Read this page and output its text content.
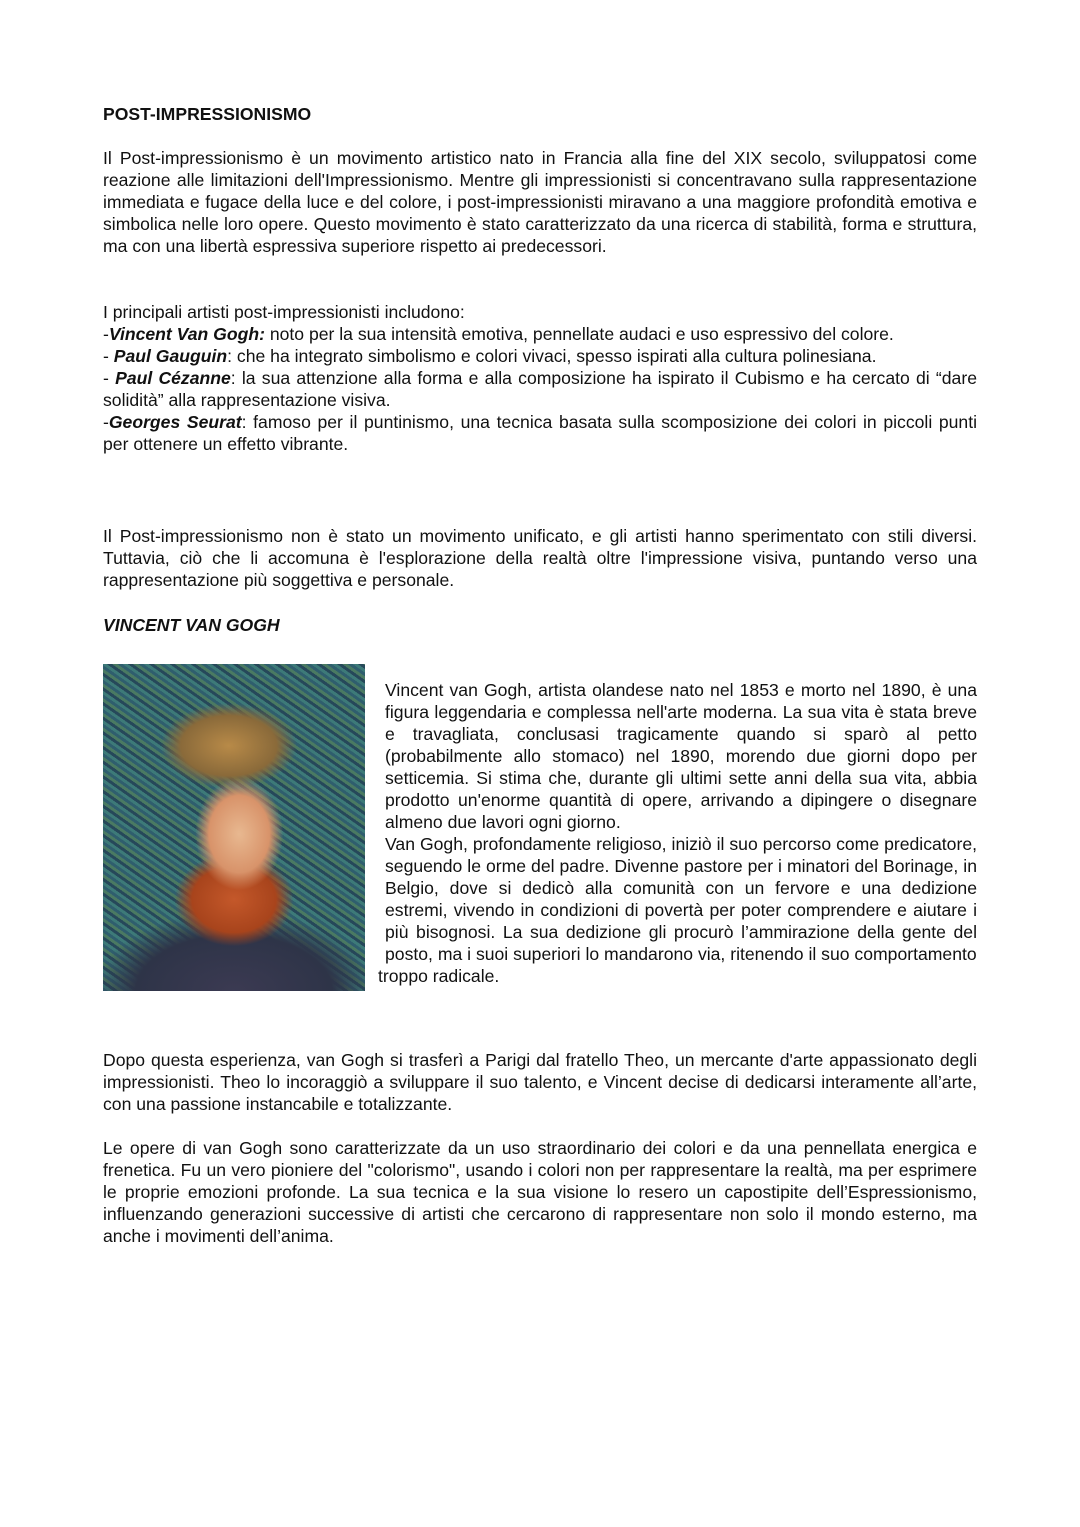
POST-IMPRESSIONISMO

Il Post-impressionismo è un movimento artistico nato in Francia alla fine del XIX secolo, sviluppatosi come reazione alle limitazioni dell'Impressionismo. Mentre gli impressionisti si concentravano sulla rappresentazione immediata e fugace della luce e del colore, i post-impressionisti miravano a una maggiore profondità emotiva e simbolica nelle loro opere. Questo movimento è stato caratterizzato da una ricerca di stabilità, forma e struttura, ma con una libertà espressiva superiore rispetto ai predecessori.

I principali artisti post-impressionisti includono:
-Vincent Van Gogh: noto per la sua intensità emotiva, pennellate audaci e uso espressivo del colore.
- Paul Gauguin: che ha integrato simbolismo e colori vivaci, spesso ispirati alla cultura polinesiana.
- Paul Cézanne: la sua attenzione alla forma e alla composizione ha ispirato il Cubismo e ha cercato di “dare solidità” alla rappresentazione visiva.
-Georges Seurat: famoso per il puntinismo, una tecnica basata sulla scomposizione dei colori in piccoli punti per ottenere un effetto vibrante.

Il Post-impressionismo non è stato un movimento unificato, e gli artisti hanno sperimentato con stili diversi. Tuttavia, ciò che li accomuna è l'esplorazione della realtà oltre l'impressione visiva, puntando verso una rappresentazione più soggettiva e personale.

VINCENT VAN GOGH
Vincent van Gogh, artista olandese nato nel 1853 e morto nel 1890, è una figura leggendaria e complessa nell'arte moderna. La sua vita è stata breve e travagliata, conclusasi tragicamente quando si sparò al petto (probabilmente allo stomaco) nel 1890, morendo due giorni dopo per setticemia. Si stima che, durante gli ultimi sette anni della sua vita, abbia prodotto un'enorme quantità di opere, arrivando a dipingere o disegnare almeno due lavori ogni giorno.
Van Gogh, profondamente religioso, iniziò il suo percorso come predicatore, seguendo le orme del padre. Divenne pastore per i minatori del Borinage, in Belgio, dove si dedicò alla comunità con un fervore e una dedizione estremi, vivendo in condizioni di povertà per poter comprendere e aiutare i più bisognosi. La sua dedizione gli procurò l’ammirazione della gente del posto, ma i suoi superiori lo mandarono via, ritenendo il suo comportamento
troppo radicale.

Dopo questa esperienza, van Gogh si trasferì a Parigi dal fratello Theo, un mercante d'arte appassionato degli impressionisti. Theo lo incoraggiò a sviluppare il suo talento, e Vincent decise di dedicarsi interamente all’arte, con una passione instancabile e totalizzante.

Le opere di van Gogh sono caratterizzate da un uso straordinario dei colori e da una pennellata energica e frenetica. Fu un vero pioniere del "colorismo", usando i colori non per rappresentare la realtà, ma per esprimere le proprie emozioni profonde. La sua tecnica e la sua visione lo resero un capostipite dell’Espressionismo, influenzando generazioni successive di artisti che cercarono di rappresentare non solo il mondo esterno, ma anche i movimenti dell’anima.
